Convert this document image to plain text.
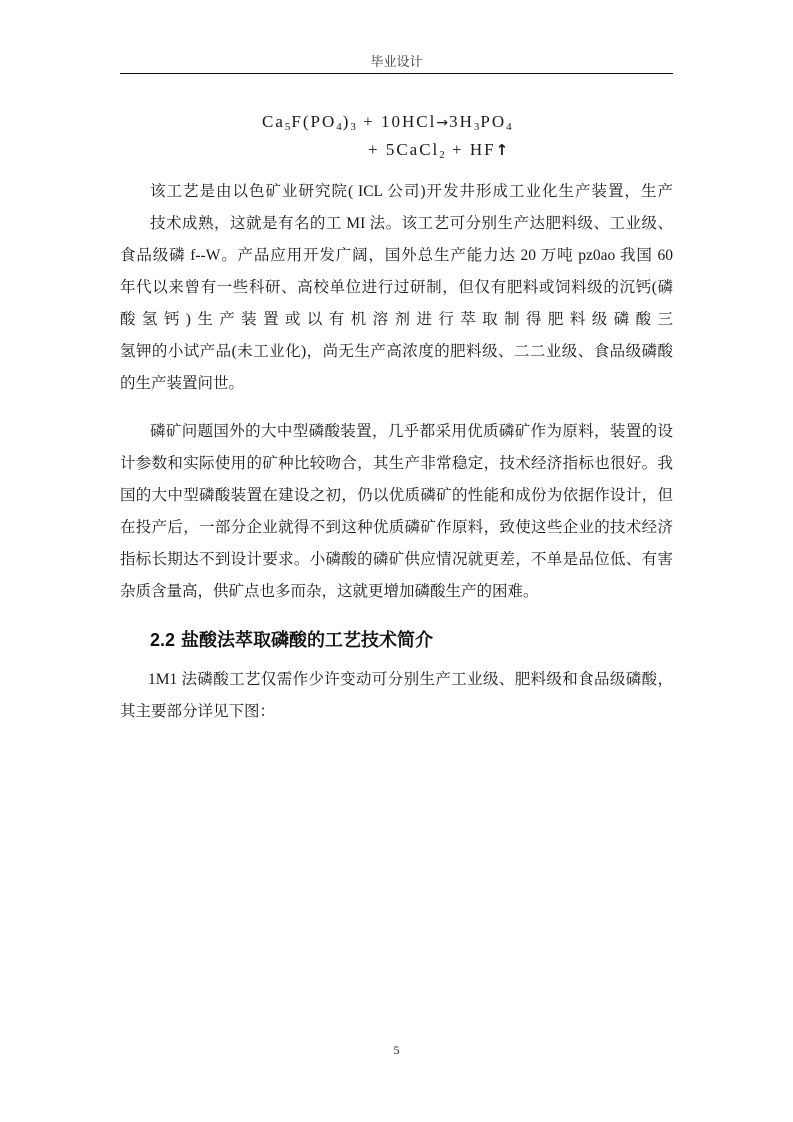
毕业设计
$Ca_5F(PO_4)_3 + 10HCl\to 3H_3PO_4$
+ 5CaCl$_2$ + HF↑
该工艺是由以色矿业研究院( ICL 公司)开发井形成工业化生产装置，生产
技术成熟，这就是有名的工 MI 法。该工艺可分别生产达肥料级、工业级、
食品级磷 f--W。产品应用开发广阔，国外总生产能力达 20 万吨 pz0ao 我国 60
年代以来曾有一些科研、高校单位进行过研制，但仅有肥料或饲料级的沉钙(磷
酸氢钙)生产装置或以有机溶剂进行萃取制得肥料级磷酸三
氢钾的小试产品(未工业化)，尚无生产高浓度的肥料级、二二业级、食品级磷酸
的生产装置问世。
磷矿问题国外的大中型磷酸装置，几乎都采用优质磷矿作为原料，装置的设
计参数和实际使用的矿种比较吻合，其生产非常稳定，技术经济指标也很好。我
国的大中型磷酸装置在建设之初，仍以优质磷矿的性能和成份为依据作设计，但
在投产后，一部分企业就得不到这种优质磷矿作原料，致使这些企业的技术经济
指标长期达不到设计要求。小磷酸的磷矿供应情况就更差，不单是品位低、有害
杂质含量高，供矿点也多而杂，这就更增加磷酸生产的困难。
2.2 盐酸法萃取磷酸的工艺技术简介
1M1 法磷酸工艺仅需作少许变动可分别生产工业级、肥料级和食品级磷酸，
其主要部分详见下图：
5
